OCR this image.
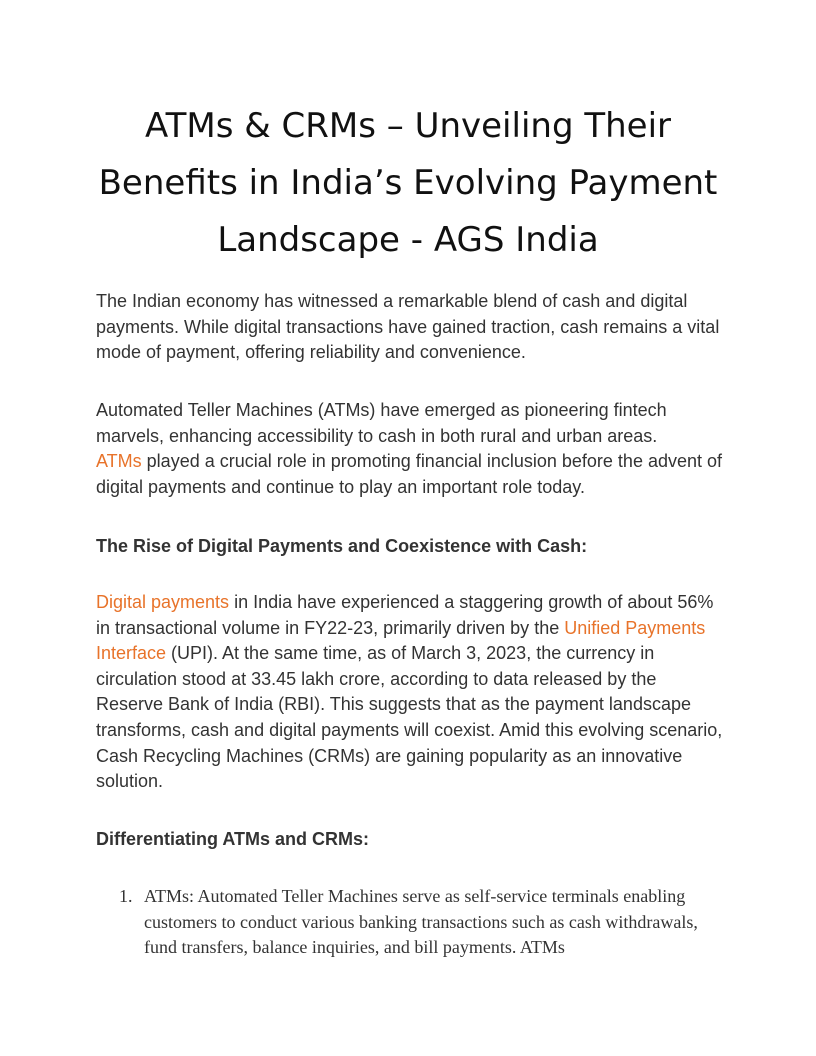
ATMs & CRMs – Unveiling Their Benefits in India’s Evolving Payment Landscape - AGS India

The Indian economy has witnessed a remarkable blend of cash and digital payments. While digital transactions have gained traction, cash remains a vital mode of payment, offering reliability and convenience.

Automated Teller Machines (ATMs) have emerged as pioneering fintech marvels, enhancing accessibility to cash in both rural and urban areas.
ATMs played a crucial role in promoting financial inclusion before the advent of digital payments and continue to play an important role today.

The Rise of Digital Payments and Coexistence with Cash:

Digital payments in India have experienced a staggering growth of about 56% in transactional volume in FY22-23, primarily driven by the Unified Payments Interface (UPI). At the same time, as of March 3, 2023, the currency in circulation stood at 33.45 lakh crore, according to data released by the Reserve Bank of India (RBI). This suggests that as the payment landscape transforms, cash and digital payments will coexist. Amid this evolving scenario, Cash Recycling Machines (CRMs) are gaining popularity as an innovative solution.

Differentiating ATMs and CRMs:
1. ATMs: Automated Teller Machines serve as self-service terminals enabling customers to conduct various banking transactions such as cash withdrawals, fund transfers, balance inquiries, and bill payments. ATMs
